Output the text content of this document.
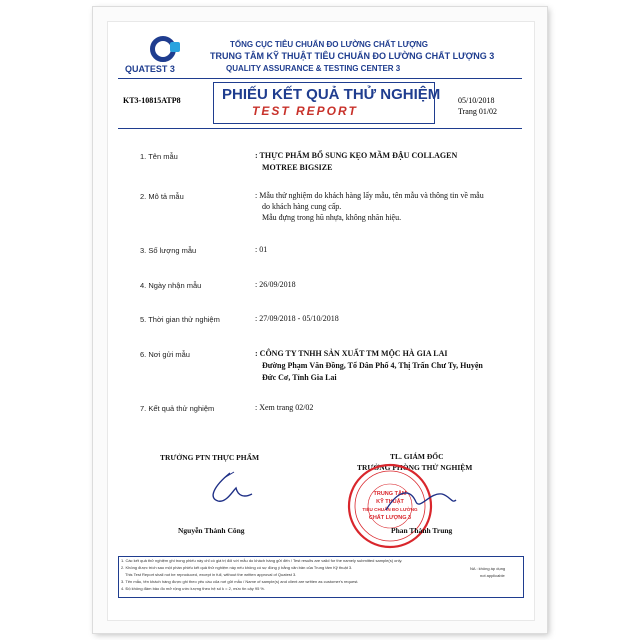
QUATEST 3
TỔNG CỤC TIÊU CHUẨN ĐO LƯỜNG CHẤT LƯỢNG
TRUNG TÂM KỸ THUẬT TIÊU CHUẨN ĐO LƯỜNG CHẤT LƯỢNG 3
QUALITY ASSURANCE & TESTING CENTER 3
PHIẾU KẾT QUẢ THỬ NGHIỆM
TEST REPORT
KT3-10815ATP8	05/10/2018
Trang 01/02
1. Tên mẫu	: THỰC PHẨM BỔ SUNG KẸO MẦM ĐẬU COLLAGEN
MOTREE BIGSIZE
2. Mô tả mẫu	: Mẫu thử nghiệm do khách hàng lấy mẫu, tên mẫu và thông tin về mẫu
do khách hàng cung cấp.
Mẫu đựng trong hũ nhựa, không nhãn hiệu.
3. Số lượng mẫu	: 01
4. Ngày nhận mẫu	: 26/09/2018
5. Thời gian thử nghiệm	: 27/09/2018 - 05/10/2018
6. Nơi gửi mẫu	: CÔNG TY TNHH SẢN XUẤT TM MỘC HÀ GIA LAI
Đường Phạm Văn Đồng, Tổ Dân Phố 4, Thị Trấn Chư Ty, Huyện
Đức Cơ, Tỉnh Gia Lai
7. Kết quả thử nghiệm	: Xem trang 02/02
TRƯỞNG PTN THỰC PHẨM	TL. GIÁM ĐỐC
TRƯỞNG PHÒNG THỬ NGHIỆM
TRUNG TÂM
KỸ THUẬT
TIÊU CHUẨN ĐO LƯỜNG
CHẤT LƯỢNG 3
Nguyễn Thành Công	Phan Thành Trung
1. Các kết quả thử nghiệm ghi trong phiếu này chỉ có giá trị đối với mẫu do khách hàng gửi đến / Test results are valid for the namely submitted sample(s) only.
2. Không được trích sao một phần phiếu kết quả thử nghiệm này nếu không có sự đồng ý bằng văn bản của Trung tâm Kỹ thuật 3.
This Test Report shall not be reproduced, except in full, without the written approval of Quatest 3.
3. Tên mẫu, tên khách hàng được ghi theo yêu cầu của nơi gửi mẫu / Name of sample(s) and client are written as customer's request.
4. Độ không đảm bảo đo mở rộng ước lượng theo hệ số k = 2, mức tin cậy 95 %.
NA : không áp dụng
not applicable
